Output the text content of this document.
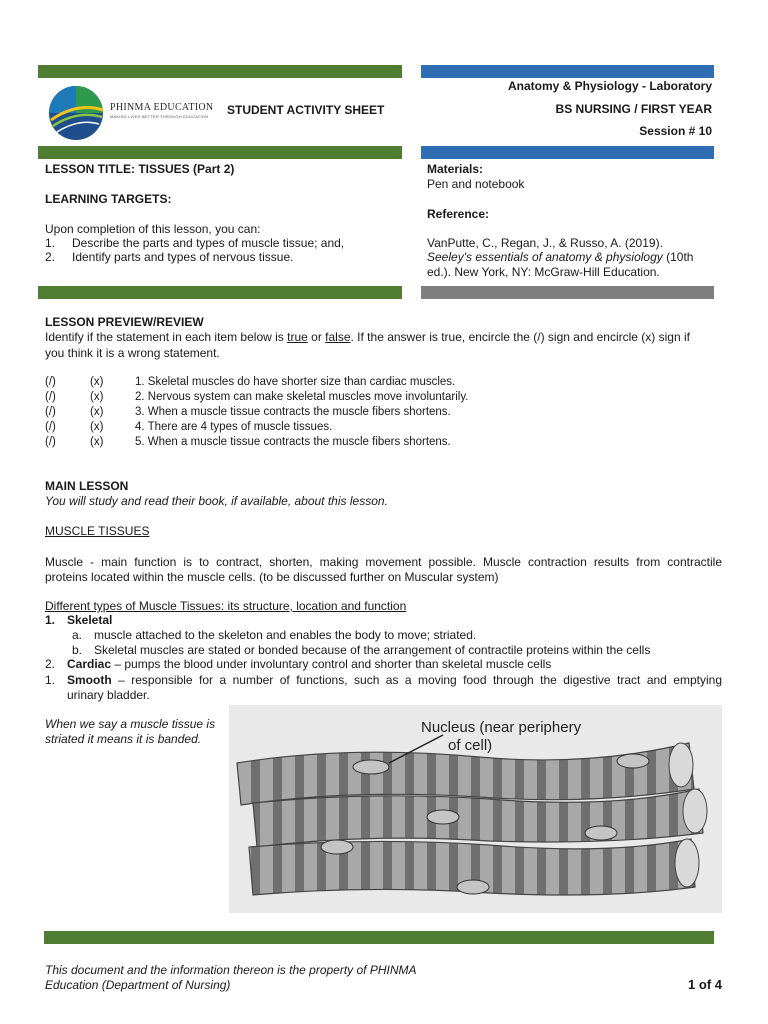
PHINMA EDUCATION
MAKING LIVES BETTER THROUGH EDUCATION STUDENT ACTIVITY SHEET
Anatomy & Physiology - Laboratory
BS NURSING / FIRST YEAR
Session # 10
LESSON TITLE: TISSUES (Part 2)
LEARNING TARGETS:
Upon completion of this lesson, you can:
1. Describe the parts and types of muscle tissue; and,
2. Identify parts and types of nervous tissue.
Materials:
Pen and notebook
Reference:
VanPutte, C., Regan, J., & Russo, A. (2019).
Seeley's essentials of anatomy & physiology (10th
ed.). New York, NY: McGraw-Hill Education.
LESSON PREVIEW/REVIEW
Identify if the statement in each item below is true or false. If the answer is true, encircle the (/) sign and encircle (x) sign if
you think it is a wrong statement.
(/)	(x)	1. Skeletal muscles do have shorter size than cardiac muscles.
(/)	(x)	2. Nervous system can make skeletal muscles move involuntarily.
(/)	(x)	3. When a muscle tissue contracts the muscle fibers shortens.
(/)	(x)	4. There are 4 types of muscle tissues.
(/)	(x)	5. When a muscle tissue contracts the muscle fibers shortens.
MAIN LESSON
You will study and read their book, if available, about this lesson.
MUSCLE TISSUES
Muscle - main function is to contract, shorten, making movement possible. Muscle contraction results from contractile
proteins located within the muscle cells. (to be discussed further on Muscular system)
Different types of Muscle Tissues: its structure, location and function
1. Skeletal
a. muscle attached to the skeleton and enables the body to move; striated.
b. Skeletal muscles are stated or bonded because of the arrangement of contractile proteins within the cells
2. Cardiac – pumps the blood under involuntary control and shorter than skeletal muscle cells
1. Smooth – responsible for a number of functions, such as a moving food through the digestive tract and emptying
urinary bladder.
When we say a muscle tissue is striated it means it is banded.
Nucleus (near periphery
of cell)
This document and the information thereon is the property of PHINMA
Education (Department of Nursing)	1 of 4
